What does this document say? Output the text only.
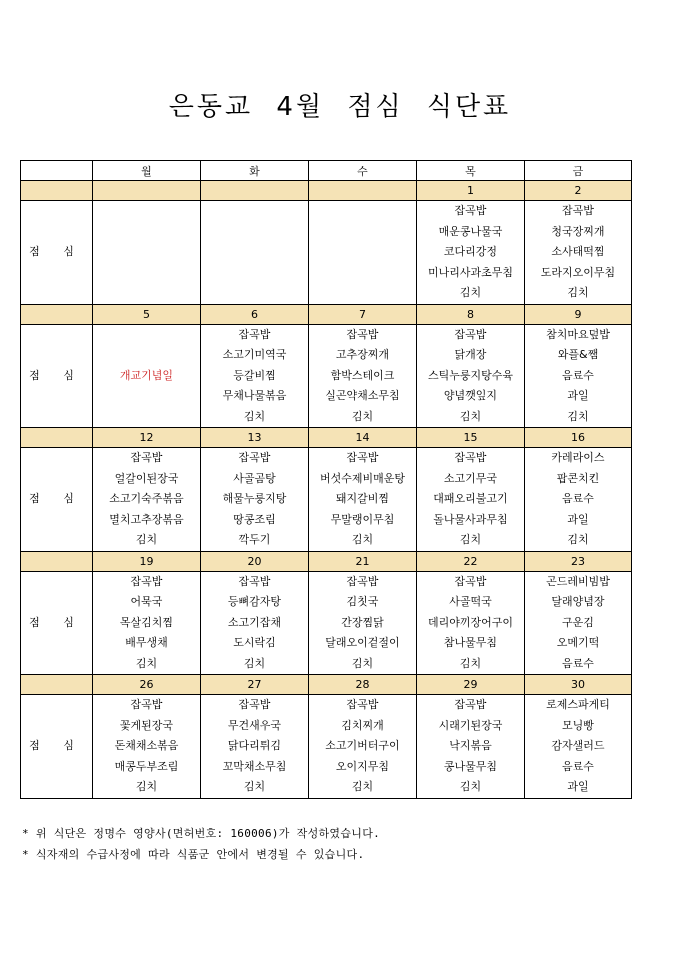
은동교 4월 점심 식단표
	월	화	수	목	금
				1	2
점 심				잡곡밥
매운콩나물국
코다리강정
미나리사과초무침
김치	잡곡밥
청국장찌개
소사태떡찜
도라지오이무침
김치

	5	6	7	8	9
점 심	개교기념일	잡곡밥
소고기미역국
등갈비찜
무채나물볶음
김치	잡곡밥
고추장찌개
함박스테이크
실곤약채소무침
김치	잡곡밥
닭개장
스틱누룽지탕수육
양념깻잎지
김치	참치마요덮밥
와플&쨈
음료수
과일
김치

	12	13	14	15	16
점 심	잡곡밥
얼갈이된장국
소고기숙주볶음
멸치고추장볶음
김치	잡곡밥
사골곰탕
해물누룽지탕
땅콩조림
깍두기	잡곡밥
버섯수제비매운탕
돼지갈비찜
무말랭이무침
김치	잡곡밥
소고기무국
대패오리불고기
돌나물사과무침
김치	카레라이스
팝콘치킨
음료수
과일
김치

	19	20	21	22	23
점 심	잡곡밥
어묵국
목살김치찜
배무생채
김치	잡곡밥
등뼈감자탕
소고기잡채
도시락김
김치	잡곡밥
김칫국
간장찜닭
달래오이겉절이
김치	잡곡밥
사골떡국
데리야끼장어구이
참나물무침
김치	곤드레비빔밥
달래양념장
구운김
오메기떡
음료수

	26	27	28	29	30
점 심	잡곡밥
꽃게된장국
돈채채소볶음
매콩두부조림
김치	잡곡밥
무건새우국
닭다리튀김
꼬막채소무침
김치	잡곡밥
김치찌개
소고기버터구이
오이지무침
김치	잡곡밥
시래기된장국
낙지볶음
콩나물무침
김치	로제스파게티
모닝빵
감자샐러드
음료수
과일
* 위 식단은 정명수 영양사(면허번호: 160006)가 작성하였습니다.
* 식자재의 수급사정에 따라 식품군 안에서 변경될 수 있습니다.
